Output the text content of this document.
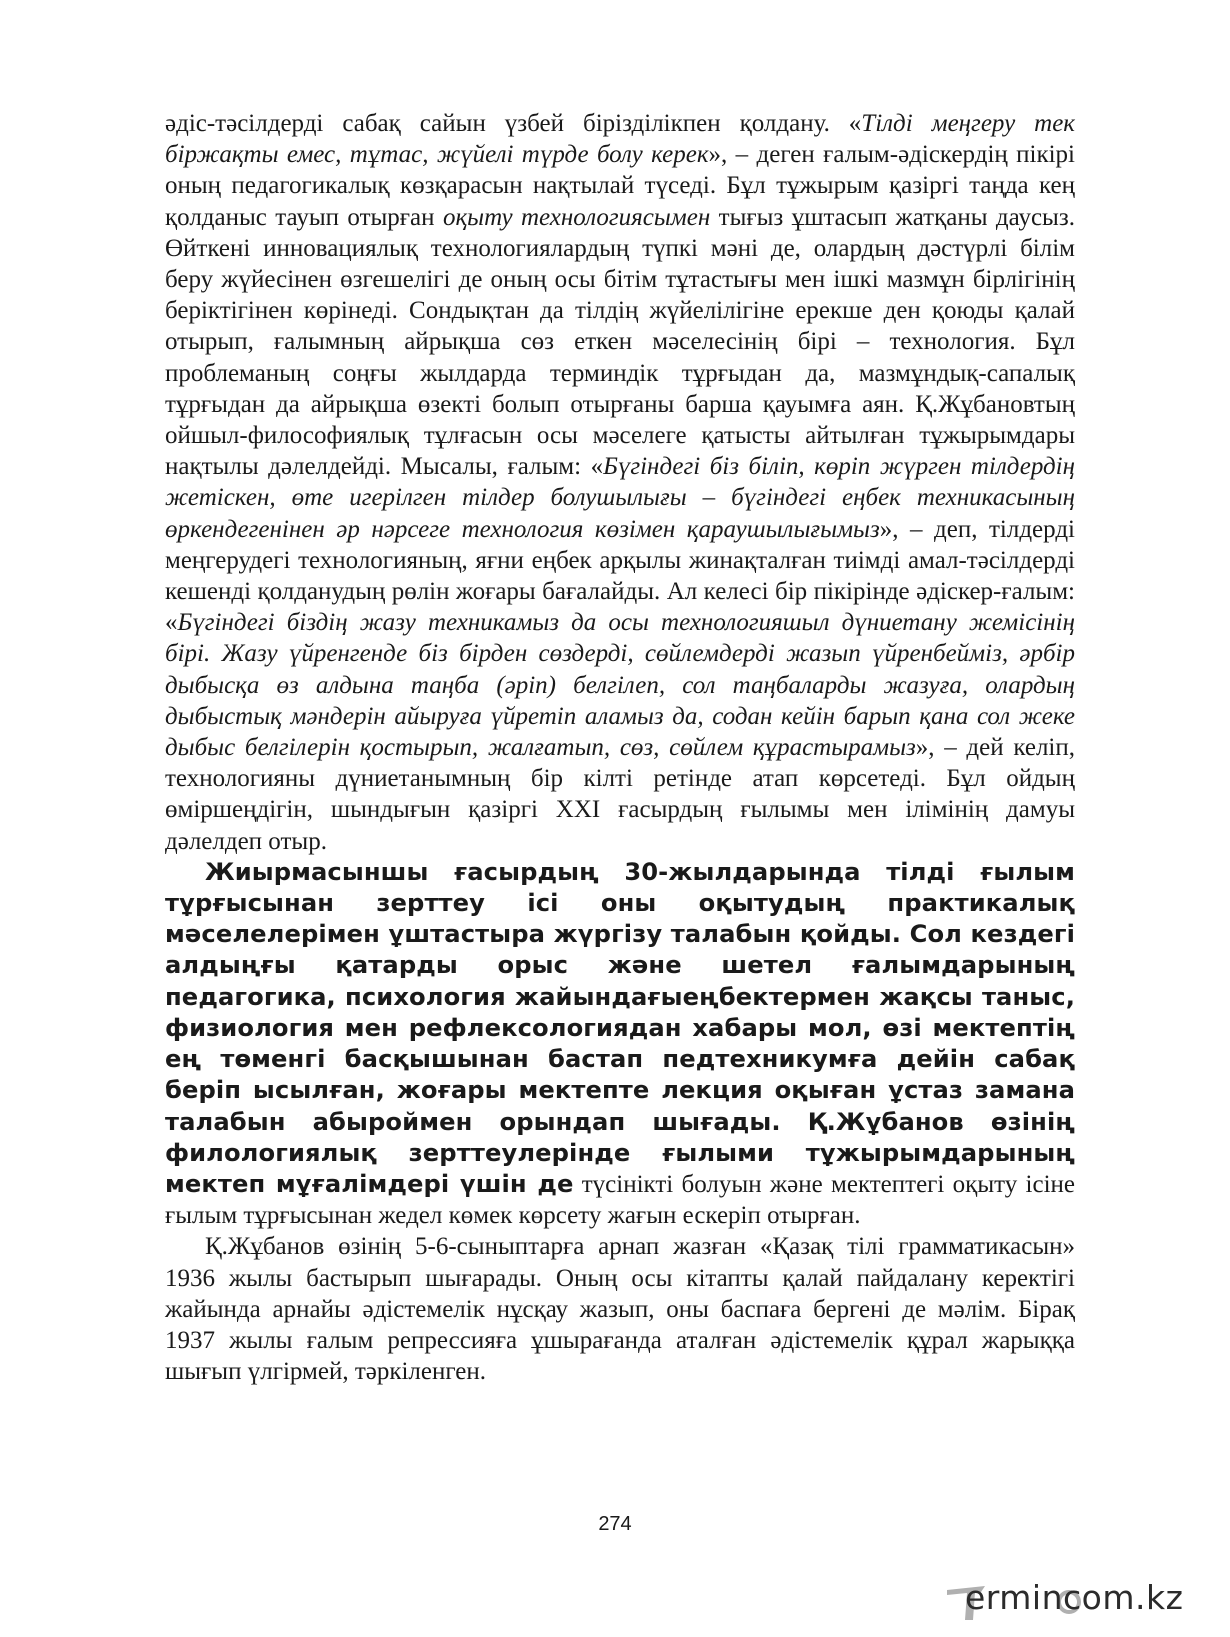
әдіс-тәсілдерді сабақ сайын үзбей бірізділікпен қолдану. «Тілді меңгеру тек біржақты емес, тұтас, жүйелі түрде болу керек», – деген ғалым-әдіскердің пікірі оның педагогикалық көзқарасын нақтылай түседі. Бұл тұжырым қазіргі таңда кең қолданыс тауып отырған оқыту технологиясымен тығыз ұштасып жатқаны даусыз. Өйткені инновациялық технологиялардың түпкі мәні де, олардың дәстүрлі білім беру жүйесінен өзгешелігі де оның осы бітім тұтастығы мен ішкі мазмұн бірлігінің беріктігінен көрінеді. Сондықтан да тілдің жүйелілігіне ерекше ден қоюды қалай отырып, ғалымның айрықша сөз еткен мәселесінің бірі – технология. Бұл проблеманың соңғы жылдарда терминдік тұрғыдан да, мазмұндық-сапалық тұрғыдан да айрықша өзекті болып отырғаны барша қауымға аян. Қ.Жұбановтың ойшыл-философиялық тұлғасын осы мәселеге қатысты айтылған тұжырымдары нақтылы дәлелдейді. Мысалы, ғалым: «Бүгіндегі біз біліп, көріп жүрген тілдердің жетіскен, өте игерілген тілдер болушылығы – бүгіндегі еңбек техникасының өркендегенінен әр нәрсеге технология көзімен қараушылығымыз», – деп, тілдерді меңгерудегі технологияның, яғни еңбек арқылы жинақталған тиімді амал-тәсілдерді кешенді қолданудың рөлін жоғары бағалайды. Ал келесі бір пікірінде әдіскер-ғалым: «Бүгіндегі біздің жазу техникамыз да осы технологияшыл дүниетану жемісінің бірі. Жазу үйренгенде біз бірден сөздерді, сөйлемдерді жазып үйренбейміз, әрбір дыбысқа өз алдына таңба (әріп) белгілеп, сол таңбаларды жазуға, олардың дыбыстық мәндерін айыруға үйретіп аламыз да, содан кейін барып қана сол жеке дыбыс белгілерін қостырып, жалғатып, сөз, сөйлем құрастырамыз», – дей келіп, технологияны дүниетанымның бір кілті ретінде атап көрсетеді. Бұл ойдың өміршеңдігін, шындығын қазіргі XXI ғасырдың ғылымы мен ілімінің дамуы дәлелдеп отыр.

Жиырмасыншы ғасырдың 30-жылдарында тілді ғылым тұрғысынан зерттеу ісі оны оқытудың практикалық мәселелерімен ұштастыра жүргізу талабын қойды. Сол кездегі алдыңғы қатарды орыс және шетел ғалымдарының педагогика, психология жайындағыеңбектермен жақсы таныс, физиология мен рефлексологиядан хабары мол, өзі мектептің ең төменгі басқышынан бастап педтехникумға дейін сабақ беріп ысылған, жоғары мектепте лекция оқыған ұстаз замана талабын абыроймен орындап шығады. Қ.Жұбанов өзінің филологиялық зерттеулерінде ғылыми тұжырымдарының мектеп мұғалімдері үшін де түсінікті болуын және мектептегі оқыту ісіне ғылым тұрғысынан жедел көмек көрсету жағын ескеріп отырған.

Қ.Жұбанов өзінің 5-6-сыныптарға арнап жазған «Қазақ тілі грамматикасын» 1936 жылы бастырып шығарады. Оның осы кітапты қалай пайдалану керектігі жайында арнайы әдістемелік нұсқау жазып, оны баспаға бергені де мәлім. Бірақ 1937 жылы ғалым репрессияға ұшырағанда аталған әдістемелік құрал жарыққа шығып үлгірмей, тәркіленген.

274
ermincom.kz
